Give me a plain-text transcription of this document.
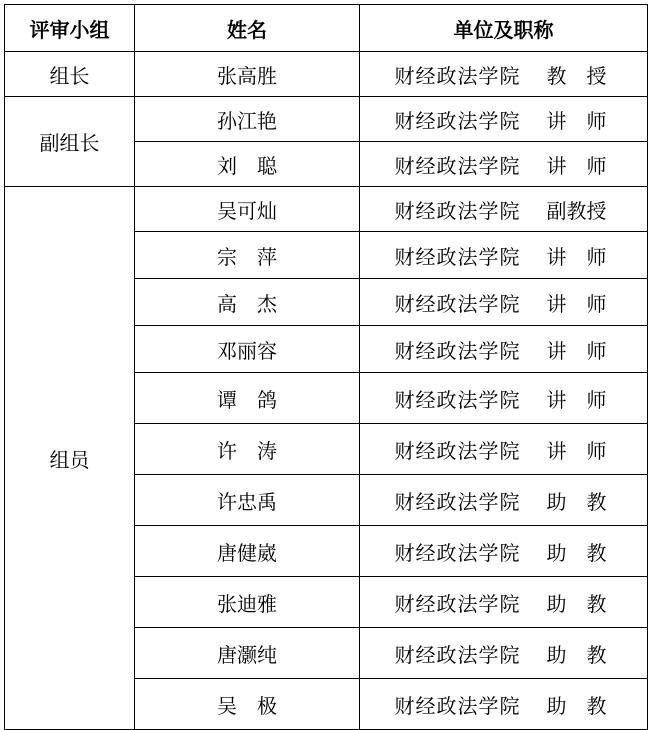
评审小组	姓名	单位及职称
组长	张高胜	财经政法学院 教　授
副组长	孙江艳	财经政法学院 讲　师
	刘　聪	财经政法学院 讲　师
组员	吴可灿	财经政法学院 副教授
	宗　萍	财经政法学院 讲　师
	高　杰	财经政法学院 讲　师
	邓丽容	财经政法学院 讲　师
	谭　鸽	财经政法学院 讲　师
	许　涛	财经政法学院 讲　师
	许忠禹	财经政法学院 助　教
	唐健崴	财经政法学院 助　教
	张迪雅	财经政法学院 助　教
	唐灏纯	财经政法学院 助　教
	吴　极	财经政法学院 助　教
